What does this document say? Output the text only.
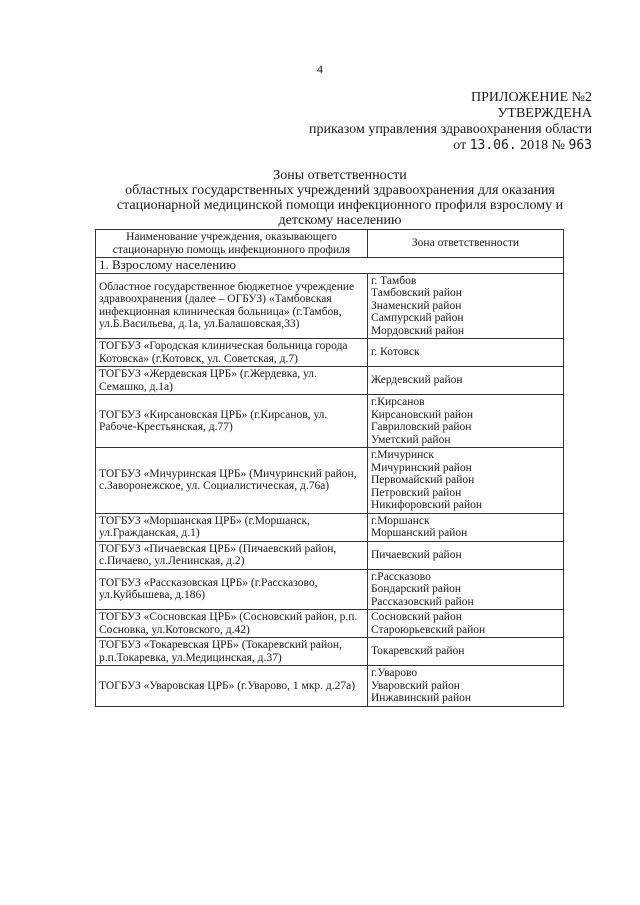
4
ПРИЛОЖЕНИЕ №2
УТВЕРЖДЕНА
приказом управления здравоохранения области
от 13.06. 2018 № 963
Зоны ответственности
областных государственных учреждений здравоохранения для оказания
стационарной медицинской помощи инфекционного профиля взрослому и
детскому населению
Наименование учреждения, оказывающего стационарную помощь инфекционного профиля	Зона ответственности
1. Взрослому населению	
Областное государственное бюджетное учреждение здравоохранения (далее – ОГБУЗ) «Тамбовская инфекционная клиническая больница» (г.Тамбов, ул.Б.Васильева, д.1а, ул.Балашовская,33)	г. Тамбов
Тамбовский район
Знаменский район
Сампурский район
Мордовский район

ТОГБУЗ «Городская клиническая больница города Котовска» (г.Котовск, ул. Советская, д.7)	г. Котовск

ТОГБУЗ «Жердевская ЦРБ» (г.Жердевка, ул. Семашко, д.1а)	Жердевский район

ТОГБУЗ «Кирсановская ЦРБ» (г.Кирсанов, ул. Рабоче-Крестьянская, д.77)	г.Кирсанов
Кирсановский район
Гавриловский район
Уметский район

ТОГБУЗ «Мичуринская ЦРБ» (Мичуринский район, с.Заворонежское, ул. Социалистическая, д.76а)	г.Мичуринск
Мичуринский район
Первомайский район
Петровский район
Никифоровский район

ТОГБУЗ «Моршанская ЦРБ» (г.Моршанск, ул.Гражданская, д.1)	г.Моршанск
Моршанский район

ТОГБУЗ «Пичаевская ЦРБ» (Пичаевский район, с.Пичаево, ул.Ленинская, д.2)	Пичаевский район

ТОГБУЗ «Рассказовская ЦРБ» (г.Рассказово, ул.Куйбышева, д.186)	г.Рассказово
Бондарский район
Рассказовский район

ТОГБУЗ «Сосновская ЦРБ» (Сосновский район, р.п. Сосновка, ул.Котовского, д.42)	Сосновский район
Староюрьевский район

ТОГБУЗ «Токаревская ЦРБ» (Токаревский район, р.п.Токаревка, ул.Медицинская, д.37)	Токаревский район

ТОГБУЗ «Уваровская ЦРБ» (г.Уварово, 1 мкр. д.27а)	г.Уварово
Уваровский район
Инжавинский район
